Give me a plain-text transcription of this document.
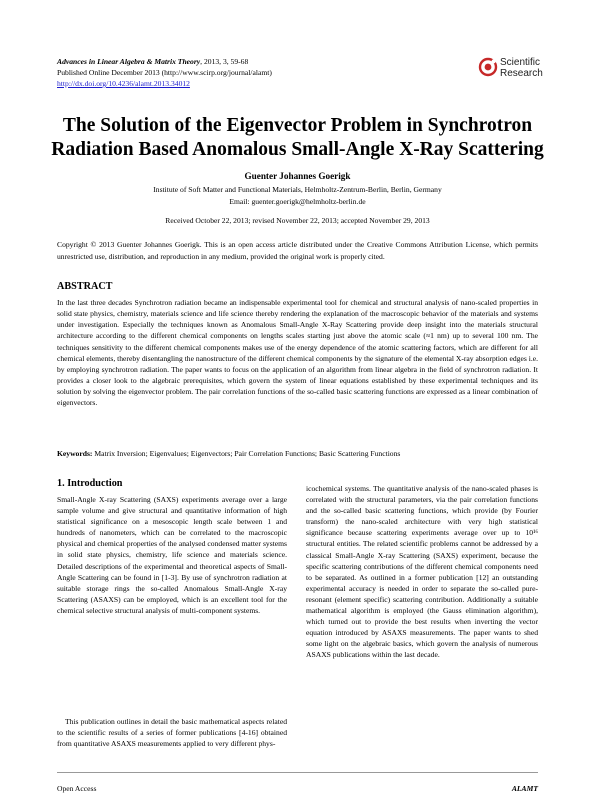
Advances in Linear Algebra & Matrix Theory, 2013, 3, 59-68
Published Online December 2013 (http://www.scirp.org/journal/alamt)
http://dx.doi.org/10.4236/alamt.2013.34012
Scientific
Research
The Solution of the Eigenvector Problem in Synchrotron Radiation Based Anomalous Small-Angle X-Ray Scattering
Guenter Johannes Goerigk
Institute of Soft Matter and Functional Materials, Helmholtz-Zentrum-Berlin, Berlin, Germany
Email: guenter.goerigk@helmholtz-berlin.de
Received October 22, 2013; revised November 22, 2013; accepted November 29, 2013
Copyright © 2013 Guenter Johannes Goerigk. This is an open access article distributed under the Creative Commons Attribution License, which permits unrestricted use, distribution, and reproduction in any medium, provided the original work is properly cited.
ABSTRACT
In the last three decades Synchrotron radiation became an indispensable experimental tool for chemical and structural analysis of nano-scaled properties in solid state physics, chemistry, materials science and life science thereby rendering the explanation of the macroscopic behavior of the materials and systems under investigation. Especially the techniques known as Anomalous Small-Angle X-Ray Scattering provide deep insight into the materials structural architecture according to the different chemical components on lengths scales starting just above the atomic scale (≈1 nm) up to several 100 nm. The techniques sensitivity to the different chemical components makes use of the energy dependence of the atomic scattering factors, which are different for all chemical elements, thereby disentangling the nanostructure of the different chemical components by the signature of the elemental X-ray absorption edges i.e. by employing synchrotron radiation. The paper wants to focus on the application of an algorithm from linear algebra in the field of synchrotron radiation. It provides a closer look to the algebraic prerequisites, which govern the system of linear equations established by these experimental techniques and its solution by solving the eigenvector problem. The pair correlation functions of the so-called basic scattering functions are expressed as a linear combination of eigenvectors.
Keywords: Matrix Inversion; Eigenvalues; Eigenvectors; Pair Correlation Functions; Basic Scattering Functions
1. Introduction

Small-Angle X-ray Scattering (SAXS) experiments average over a large sample volume and give structural and quantitative information of high statistical significance on a mesoscopic length scale between 1 and hundreds of nanometers, which can be correlated to the macroscopic physical and chemical properties of the analysed condensed matter systems in solid state physics, chemistry, life science and materials science. Detailed descriptions of the experimental and theoretical aspects of Small-Angle Scattering can be found in [1-3]. By use of synchrotron radiation at suitable storage rings the so-called Anomalous Small-Angle X-ray Scattering (ASAXS) can be employed, which is an excellent tool for the chemical selective structural analysis of multi-component systems.

This publication outlines in detail the basic mathematical aspects related to the scientific results of a series of former publications [4-16] obtained from quantitative ASAXS measurements applied to very different phys-

icochemical systems. The quantitative analysis of the nano-scaled phases is correlated with the structural parameters, via the pair correlation functions and the so-called basic scattering functions, which provide (by Fourier transform) the nano-scaled architecture with very high statistical significance because scattering experiments average over up to 10¹⁶ structural entities. The related scientific problems cannot be addressed by a classical Small-Angle X-ray Scattering (SAXS) experiment, because the specific scattering contributions of the different chemical components need to be separated. As outlined in a former publication [12] an outstanding experimental accuracy is needed in order to separate the so-called pure-resonant (element specific) scattering contribution. Additionally a suitable mathematical algorithm is employed (the Gauss elimination algorithm), which turned out to provide the best results when inverting the vector equation introduced by ASAXS measurements. The paper wants to shed some light on the algebraic basics, which govern the analysis of numerous ASAXS publications within the last decade.

Open Access	ALAMT
